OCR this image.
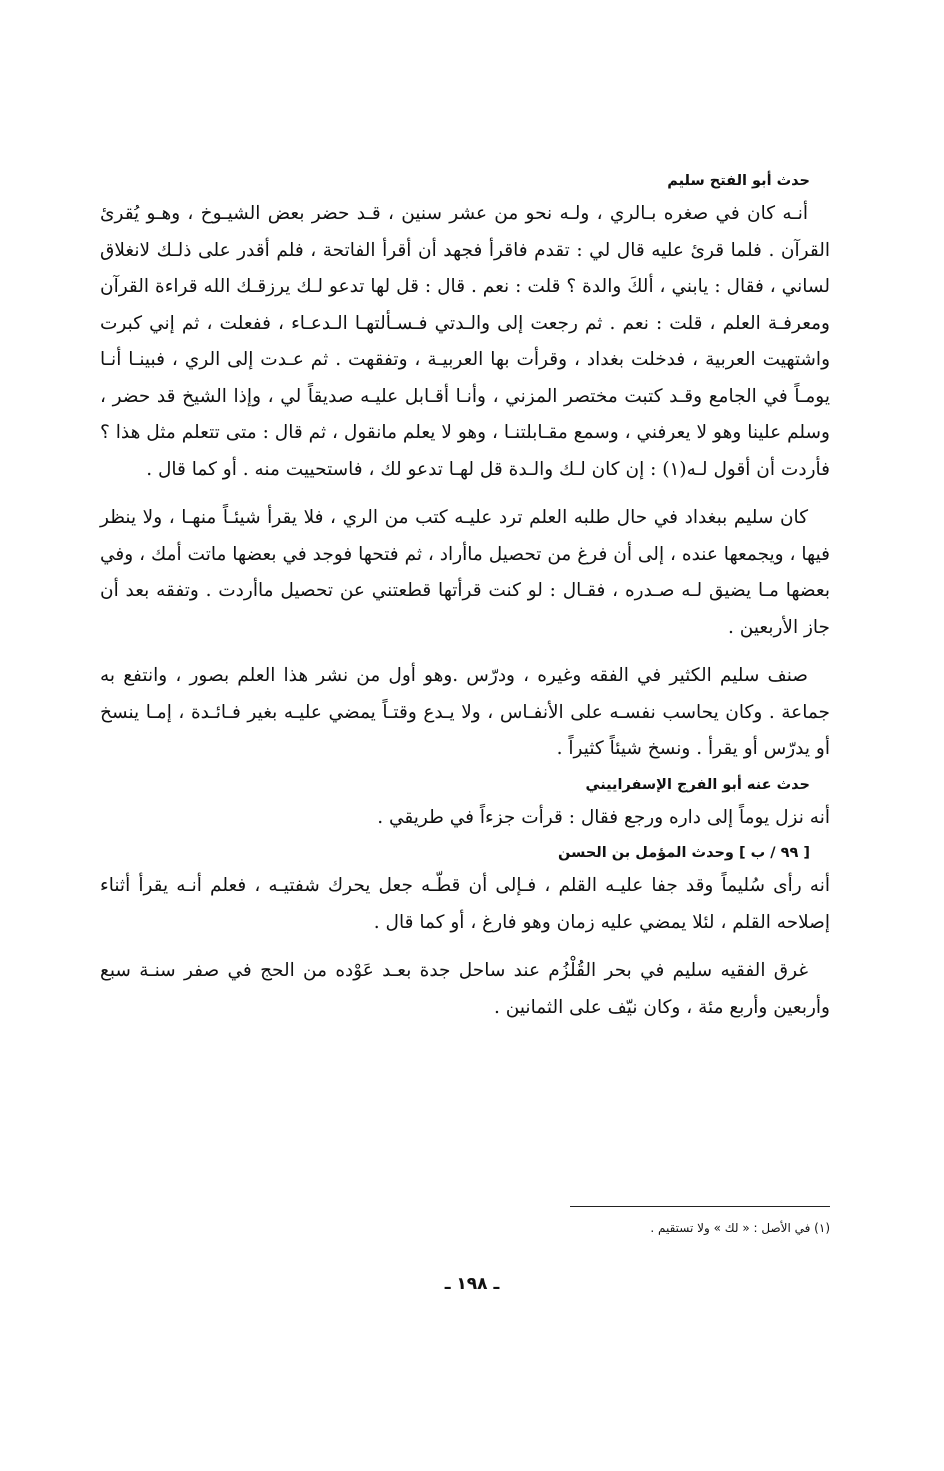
حدث أبو الفتح سليم

أنـه كان في صغره بـالري ، ولـه نحو من عشر سنين ، قـد حضر بعض الشيـوخ ، وهـو يُقرئ القرآن . فلما قرئ عليه قال لي : تقدم فاقرأ فجهد أن أقرأ الفاتحة ، فلم أقدر على ذلـك لانغلاق لساني ، فقال : يابني ، ألكَ والدة ؟ قلت : نعم . قال : قل لها تدعو لـك يرزقـك الله قراءة القرآن ومعرفـة العلم ، قلت : نعم . ثم رجعت إلى والـدتي فـسـألتهـا الـدعـاء ، ففعلت ، ثم إني كبرت واشتهيت العربية ، فدخلت بغداد ، وقرأت بها العربيـة ، وتفقهت . ثم عـدت إلى الري ، فبينـا أنـا يومـاً في الجامع وقـد كتبت مختصر المزني ، وأنـا أقـابل عليـه صديقاً لي ، وإذا الشيخ قد حضر ، وسلم علينا وهو لا يعرفني ، وسمع مقـابلتنـا ، وهو لا يعلم مانقول ، ثم قال : متى تتعلم مثل هذا ؟ فأردت أن أقول لـه(١) : إن كان لـك والـدة قل لهـا تدعو لك ، فاستحييت منه . أو كما قال .

كان سليم ببغداد في حال طلبه العلم ترد عليـه كتب من الري ، فلا يقرأ شيئـاً منهـا ، ولا ينظر فيها ، ويجمعها عنده ، إلى أن فرغ من تحصيل ماأراد ، ثم فتحها فوجد في بعضها ماتت أمك ، وفي بعضها مـا يضيق لـه صـدره ، فقـال : لو كنت قرأتها قطعتني عن تحصيل ماأردت . وتفقه بعد أن جاز الأربعين .

صنف سليم الكثير في الفقه وغيره ، ودرّس .وهو أول من نشر هذا العلم بصور ، وانتفع به جماعة . وكان يحاسب نفسـه على الأنفـاس ، ولا يـدع وقتـاً يمضي عليـه بغير فـائـدة ، إمـا ينسخ أو يدرّس أو يقرأ . ونسخ شيئاً كثيراً .

حدث عنه أبو الفرج الإسفراييني

أنه نزل يوماً إلى داره ورجع فقال : قرأت جزءاً في طريقي .

[ ٩٩ / ب ] وحدث المؤمل بن الحسن

أنه رأى سُليماً وقد جفا عليـه القلم ، فـإلى أن قطّـه جعل يحرك شفتيـه ، فعلم أنـه يقرأ أثناء إصلاحه القلم ، لئلا يمضي عليه زمان وهو فارغ ، أو كما قال .

غرق الفقيه سليم في بحر القُلْزُم عند ساحل جدة بعـد عَوْده من الحج في صفر سنـة سبع وأربعين وأربع مئة ، وكان نيّف على الثمانين .

(١) في الأصل : « لك » ولا تستقيم .
ـ ١٩٨ ـ
